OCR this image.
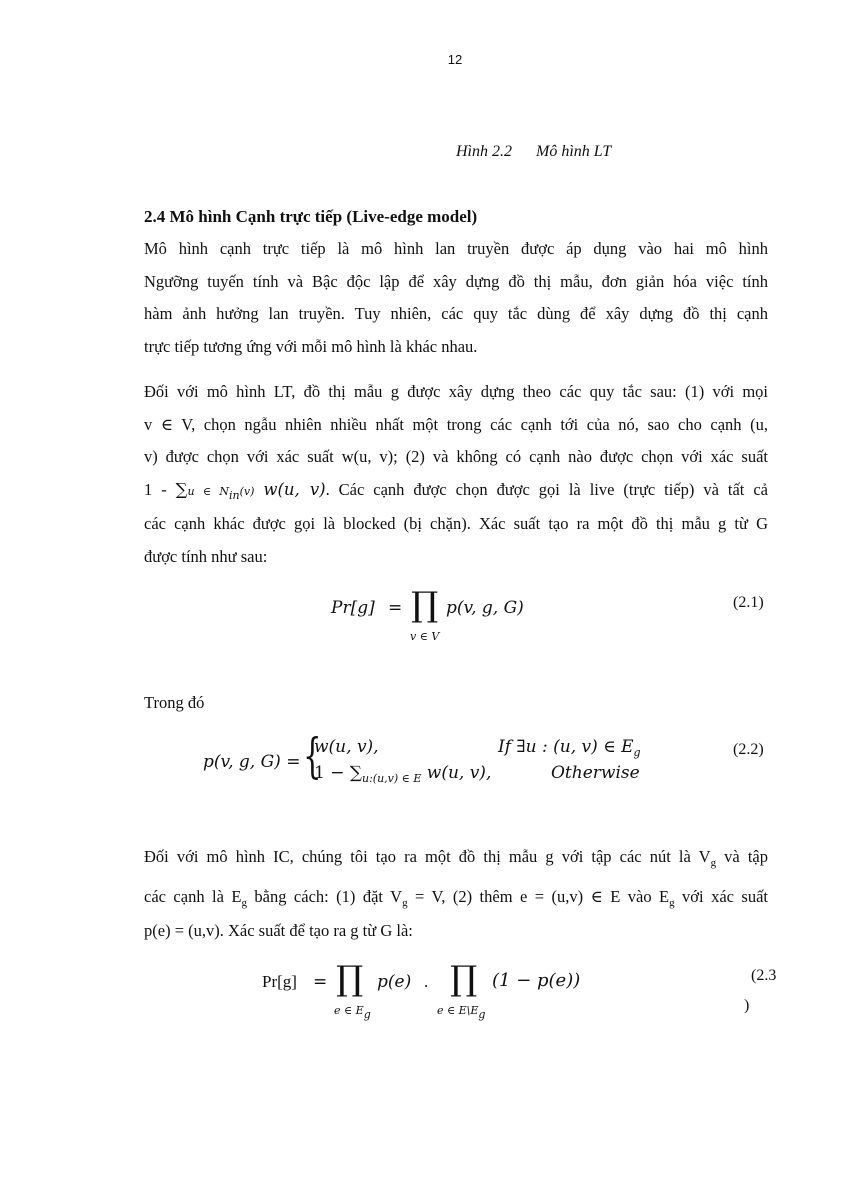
12
Hình 2.2 Mô hình LT
2.4 Mô hình Cạnh trực tiếp (Live-edge model)
Mô hình cạnh trực tiếp là mô hình lan truyền được áp dụng vào hai mô hình
Ngưỡng tuyến tính và Bậc độc lập để xây dựng đồ thị mẫu, đơn giản hóa việc tính
hàm ảnh hưởng lan truyền. Tuy nhiên, các quy tắc dùng để xây dựng đồ thị cạnh
trực tiếp tương ứng với mỗi mô hình là khác nhau.
Đối với mô hình LT, đồ thị mẫu g được xây dựng theo các quy tắc sau: (1) với mọi
v ∈ V, chọn ngẫu nhiên nhiều nhất một trong các cạnh tới của nó, sao cho cạnh (u,
v) được chọn với xác suất w(u, v); (2) và không có cạnh nào được chọn với xác suất
1 - ∑u ∈ Nin(v) w(u, v). Các cạnh được chọn được gọi là live (trực tiếp) và tất cả
các cạnh khác được gọi là blocked (bị chặn). Xác suất tạo ra một đồ thị mẫu g từ G
được tính như sau:
Pr[g] = ∏
v ∈ V
p(v, g, G)	(2.1)
Trong đó
p(v, g, G) = {
w(u, v),	If ∃u : (u, v) ∈ $E_g$
$1 - \sum_{u:(u,v) \in E}$ w(u, v),	Otherwise
(2.2)
Đối với mô hình IC, chúng tôi tạo ra một đồ thị mẫu g với tập các nút là $V_g$ và tập
các cạnh là $E_g$ bằng cách: (1) đặt $V_g = V$, (2) thêm e = (u,v) ∈ E vào $E_g$ với xác suất
p(e) = (u,v). Xác suất để tạo ra g từ G là:
Pr[g] = ∏
e ∈ Eg
p(e) . ∏
e ∈ E\Eg
(1 − p(e))	(2.3
)
